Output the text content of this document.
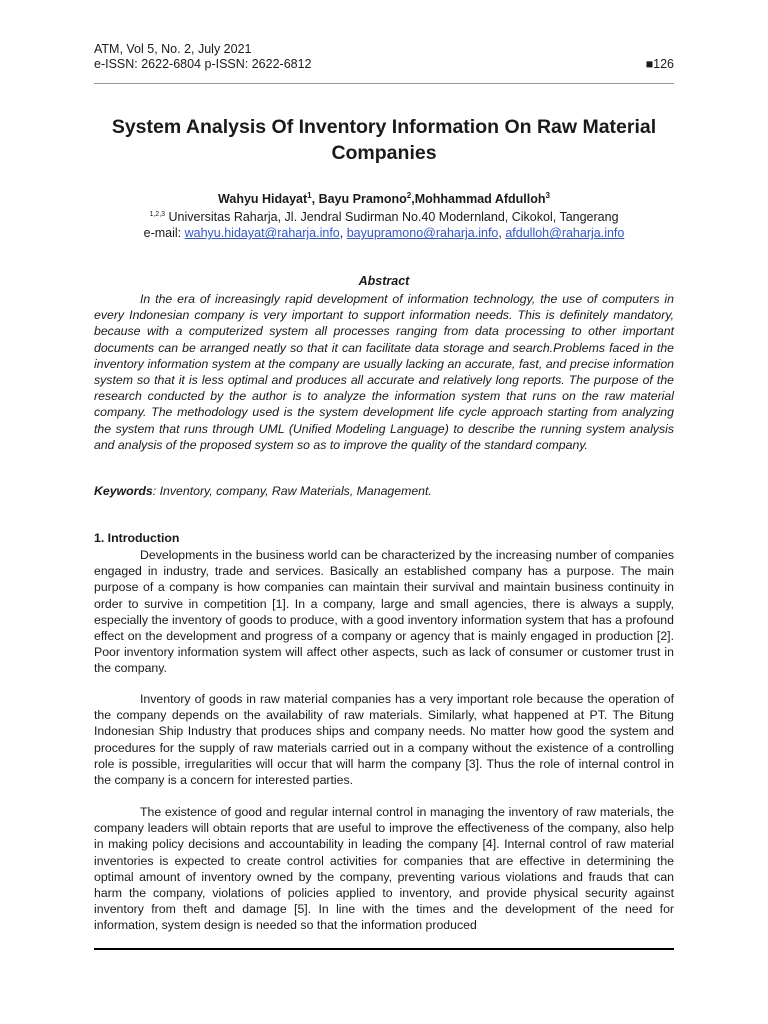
ATM, Vol 5, No. 2, July 2021
e-ISSN: 2622-6804 p-ISSN: 2622-6812	■126
System Analysis Of Inventory Information On Raw Material Companies
Wahyu Hidayat$^1$, Bayu Pramono$^2$,Mohhammad Afdulloh$^3$
$^{1,2,3}$ Universitas Raharja, Jl. Jendral Sudirman No.40 Modernland, Cikokol, Tangerang
e-mail: wahyu.hidayat@raharja.info, bayupramono@raharja.info, afdulloh@raharja.info
Abstract

In the era of increasingly rapid development of information technology, the use of computers in every Indonesian company is very important to support information needs. This is definitely mandatory, because with a computerized system all processes ranging from data processing to other important documents can be arranged neatly so that it can facilitate data storage and search.Problems faced in the inventory information system at the company are usually lacking an accurate, fast, and precise information system so that it is less optimal and produces all accurate and relatively long reports. The purpose of the research conducted by the author is to analyze the information system that runs on the raw material company. The methodology used is the system development life cycle approach starting from analyzing the system that runs through UML (Unified Modeling Language) to describe the running system analysis and analysis of the proposed system so as to improve the quality of the standard company.

Keywords: Inventory, company, Raw Materials, Management.

1. Introduction

Developments in the business world can be characterized by the increasing number of companies engaged in industry, trade and services. Basically an established company has a purpose. The main purpose of a company is how companies can maintain their survival and maintain business continuity in order to survive in competition [1]. In a company, large and small agencies, there is always a supply, especially the inventory of goods to produce, with a good inventory information system that has a profound effect on the development and progress of a company or agency that is mainly engaged in production [2]. Poor inventory information system will affect other aspects, such as lack of consumer or customer trust in the company.

Inventory of goods in raw material companies has a very important role because the operation of the company depends on the availability of raw materials. Similarly, what happened at PT. The Bitung Indonesian Ship Industry that produces ships and company needs. No matter how good the system and procedures for the supply of raw materials carried out in a company without the existence of a controlling role is possible, irregularities will occur that will harm the company [3]. Thus the role of internal control in the company is a concern for interested parties.

The existence of good and regular internal control in managing the inventory of raw materials, the company leaders will obtain reports that are useful to improve the effectiveness of the company, also help in making policy decisions and accountability in leading the company [4]. Internal control of raw material inventories is expected to create control activities for companies that are effective in determining the optimal amount of inventory owned by the company, preventing various violations and frauds that can harm the company, violations of policies applied to inventory, and provide physical security against inventory from theft and damage [5]. In line with the times and the development of the need for information, system design is needed so that the information produced
